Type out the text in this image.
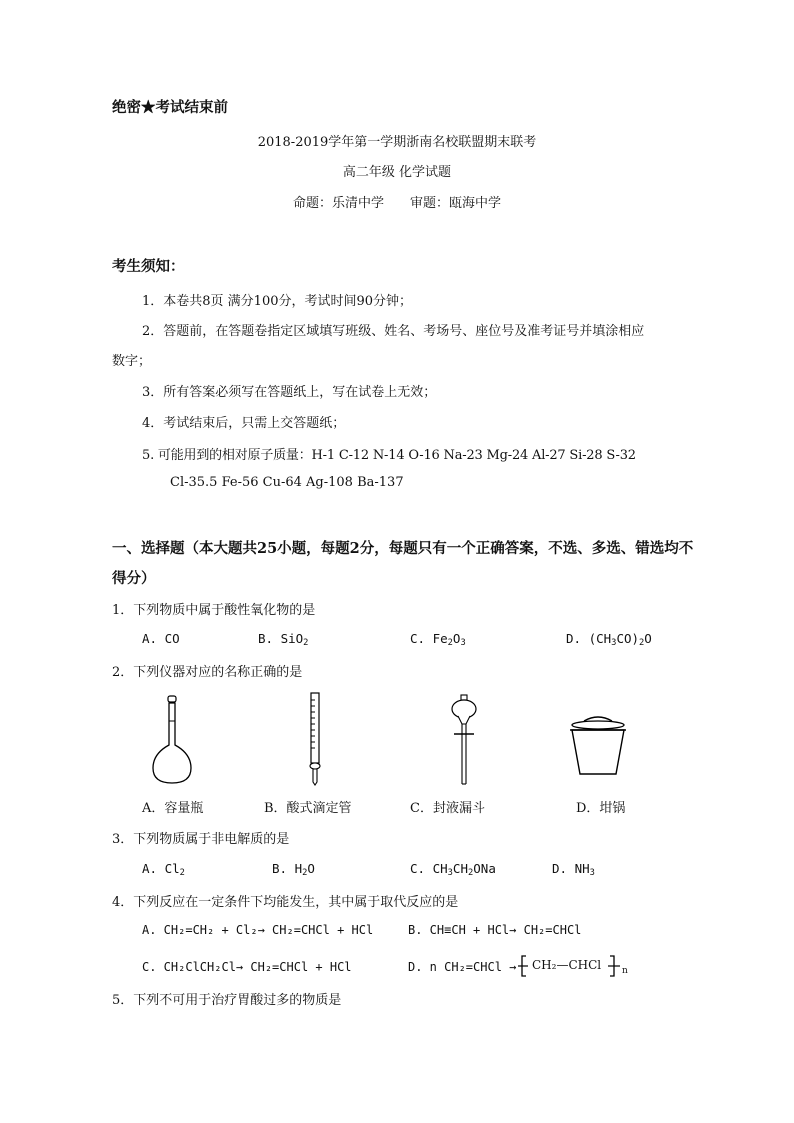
绝密★考试结束前
2018-2019学年第一学期浙南名校联盟期末联考
高二年级 化学试题
命题：乐清中学　　审题：瓯海中学
考生须知：
1．本卷共8页 满分100分，考试时间90分钟；
2．答题前，在答题卷指定区域填写班级、姓名、考场号、座位号及准考证号并填涂相应
数字；
3．所有答案必须写在答题纸上，写在试卷上无效；
4．考试结束后，只需上交答题纸；
5. 可能用到的相对原子质量：H-1 C-12 N-14 O-16 Na-23 Mg-24 Al-27 Si-28 S-32
Cl-35.5 Fe-56 Cu-64 Ag-108 Ba-137
一、选择题（本大题共25小题，每题2分，每题只有一个正确答案，不选、多选、错选均不
得分）
1．下列物质中属于酸性氧化物的是
A. CO	B. SiO$_2$	C. $Fe_2O_3$	D. $(CH_3CO)_2O$
2．下列仪器对应的名称正确的是
A．容量瓶	B．酸式滴定管	C．封液漏斗	D．坩锅
3．下列物质属于非电解质的是
A. $Cl_2$	B. $H_2O$	C. $CH_3CH_2ONa$	D. $NH_3$
4．下列反应在一定条件下均能发生，其中属于取代反应的是
A. CH₂=CH₂ + Cl₂→ CH₂=CHCl + HCl	B. CH≡CH + HCl→ CH₂=CHCl
C. CH₂ClCH₂Cl→ CH₂=CHCl + HCl	D. n CH₂=CHCl → CH₂—CHCl n
5．下列不可用于治疗胃酸过多的物质是
